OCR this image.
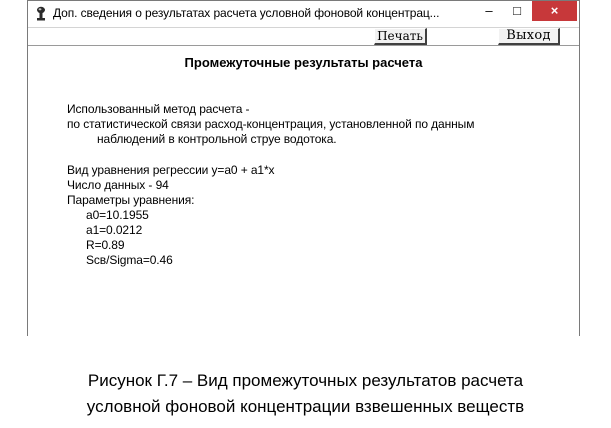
Доп. сведения о результатах расчета условной фоновой концентрац...	–	□	×
Печать	Выход
Промежуточные результаты расчета
Использованный метод расчета -
по статистической связи расход-концентрация, установленной по данным
наблюдений в контрольной струе водотока.
Вид уравнения регрессии y=a0 + a1*x
Число данных - 94
Параметры уравнения:
a0=10.1955
a1=0.0212
R=0.89
Scв/Sigma=0.46
Рисунок Г.7 – Вид промежуточных результатов расчета
условной фоновой концентрации взвешенных веществ
